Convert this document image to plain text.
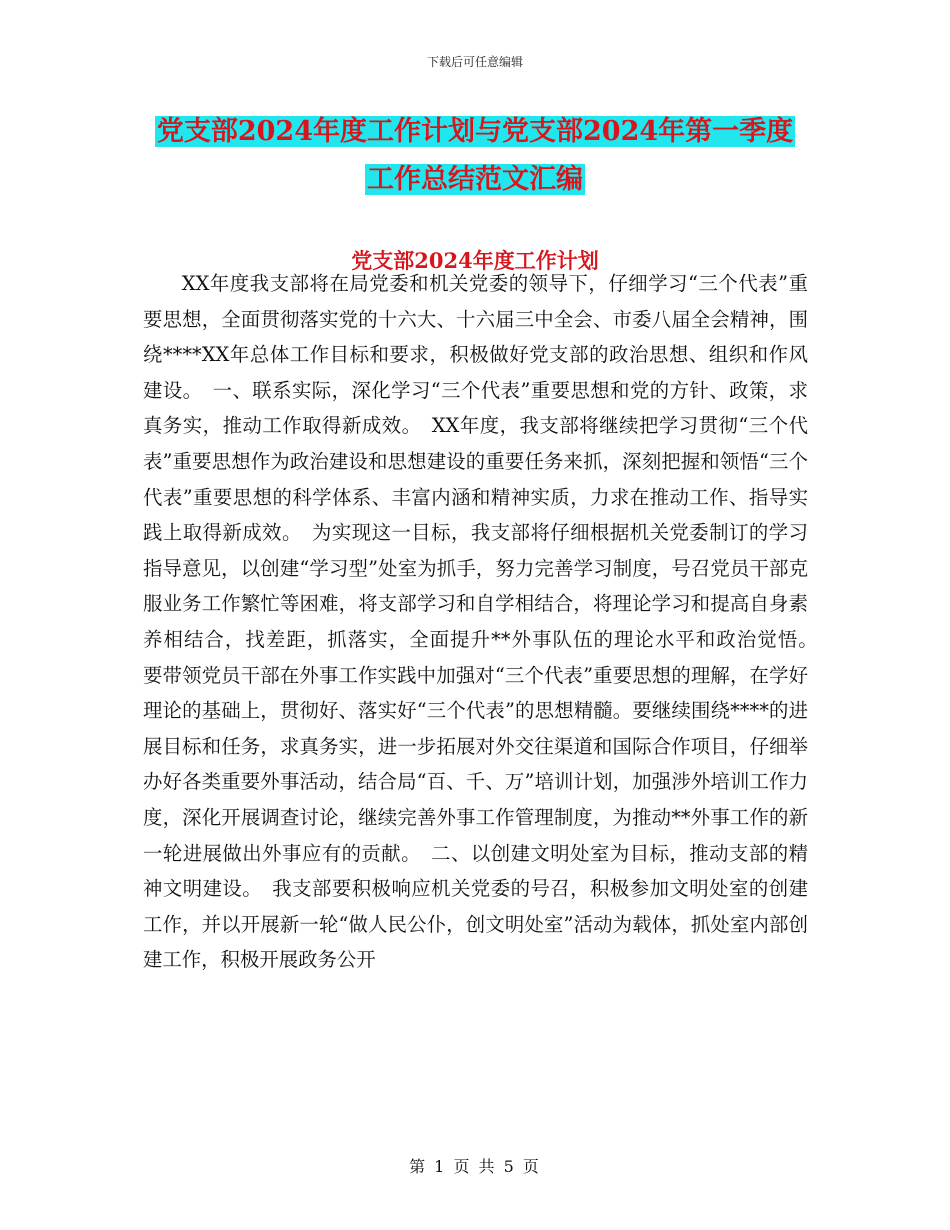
下载后可任意编辑
党支部2024年度工作计划与党支部2024年第一季度
工作总结范文汇编
党支部2024年度工作计划

XX年度我支部将在局党委和机关党委的领导下，仔细学习“三个代表”重要思想，全面贯彻落实党的十六大、十六届三中全会、市委八届全会精神，围绕****XX年总体工作目标和要求，积极做好党支部的政治思想、组织和作风建设。　一、联系实际，深化学习“三个代表”重要思想和党的方针、政策，求真务实，推动工作取得新成效。　XX年度，我支部将继续把学习贯彻“三个代表”重要思想作为政治建设和思想建设的重要任务来抓，深刻把握和领悟“三个代表”重要思想的科学体系、丰富内涵和精神实质，力求在推动工作、指导实践上取得新成效。　为实现这一目标，我支部将仔细根据机关党委制订的学习指导意见，以创建“学习型”处室为抓手，努力完善学习制度，号召党员干部克服业务工作繁忙等困难，将支部学习和自学相结合，将理论学习和提高自身素养相结合，找差距，抓落实，全面提升**外事队伍的理论水平和政治觉悟。　要带领党员干部在外事工作实践中加强对“三个代表”重要思想的理解，在学好理论的基础上，贯彻好、落实好“三个代表”的思想精髓。要继续围绕****的进展目标和任务，求真务实，进一步拓展对外交往渠道和国际合作项目，仔细举办好各类重要外事活动，结合局“百、千、万”培训计划，加强涉外培训工作力度，深化开展调查讨论，继续完善外事工作管理制度，为推动**外事工作的新一轮进展做出外事应有的贡献。　二、以创建文明处室为目标，推动支部的精神文明建设。　我支部要积极响应机关党委的号召，积极参加文明处室的创建工作，并以开展新一轮“做人民公仆，创文明处室”活动为载体，抓处室内部创建工作，积极开展政务公开

第 1 页 共 5 页
